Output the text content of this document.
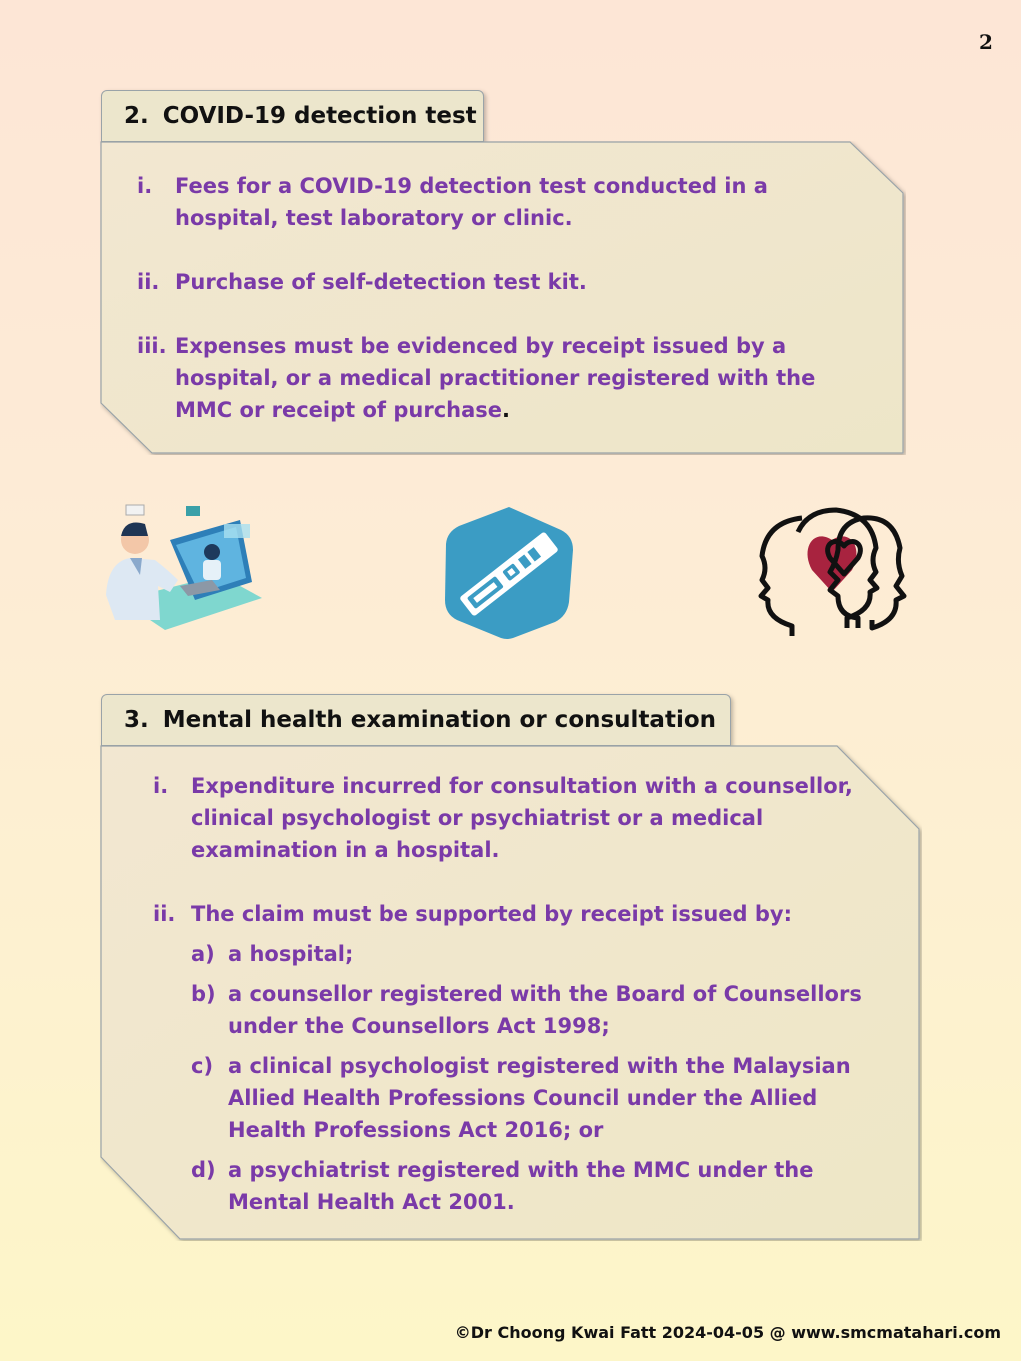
2
2. COVID-19 detection test
i.	Fees for a COVID-19 detection test conducted in a hospital, test laboratory or clinic.
ii. Purchase of self-detection test kit.
iii. Expenses must be evidenced by receipt issued by a hospital, or a medical practitioner registered with the MMC or receipt of purchase.
3. Mental health examination or consultation
i.	Expenditure incurred for consultation with a counsellor, clinical psychologist or psychiatrist or a medical examination in a hospital.
ii. The claim must be supported by receipt issued by:
a) a hospital;
b) a counsellor registered with the Board of Counsellors under the Counsellors Act 1998;
c) a clinical psychologist registered with the Malaysian Allied Health Professions Council under the Allied Health Professions Act 2016; or
d) a psychiatrist registered with the MMC under the Mental Health Act 2001.
©Dr Choong Kwai Fatt 2024-04-05 @ www.smcmatahari.com
